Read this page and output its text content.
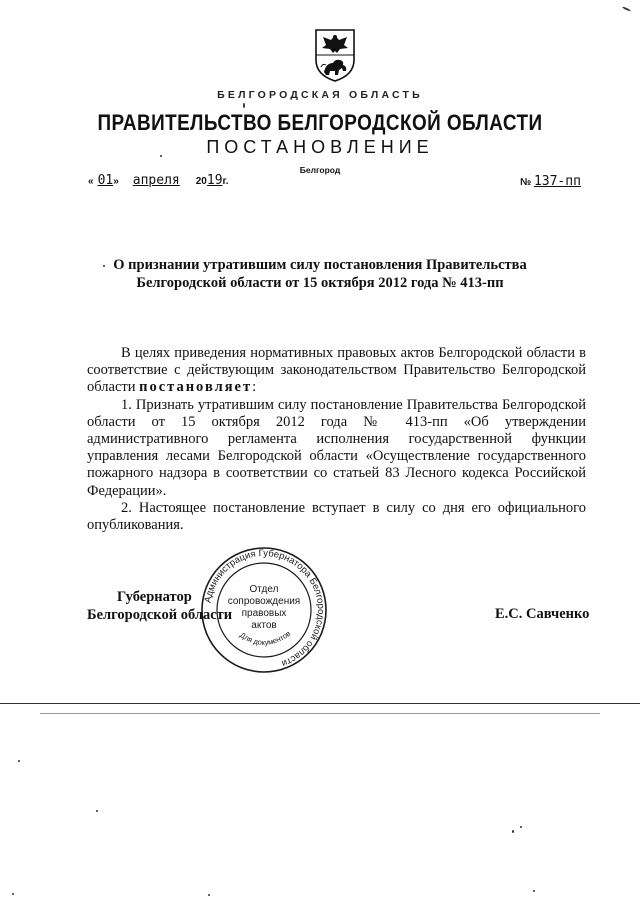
БЕЛГОРОДСКАЯ ОБЛАСТЬ
ПРАВИТЕЛЬСТВО БЕЛГОРОДСКОЙ ОБЛАСТИ
ПОСТАНОВЛЕНИЕ
Белгород
« 01 » апреля 20 19 г.	№ 137-пп
О признании утратившим силу постановления Правительства
Белгородской области от 15 октября 2012 года № 413-пп

В целях приведения нормативных правовых актов Белгородской области в соответствие с действующим законодательством Правительство Белгородской области постановляет:

1. Признать утратившим силу постановление Правительства Белгородской области от 15 октября 2012 года № 413-пп «Об утверждении административного регламента исполнения государственной функции управления лесами Белгородской области «Осуществление государственного пожарного надзора в соответствии со статьей 83 Лесного кодекса Российской Федерации».

2. Настоящее постановление вступает в силу со дня его официального опубликования.

Губернатор
Белгородской области	Е.С. Савченко
Администрация Губернатора Белгородской области
Отдел
сопровождения
правовых
актов
Для документов
